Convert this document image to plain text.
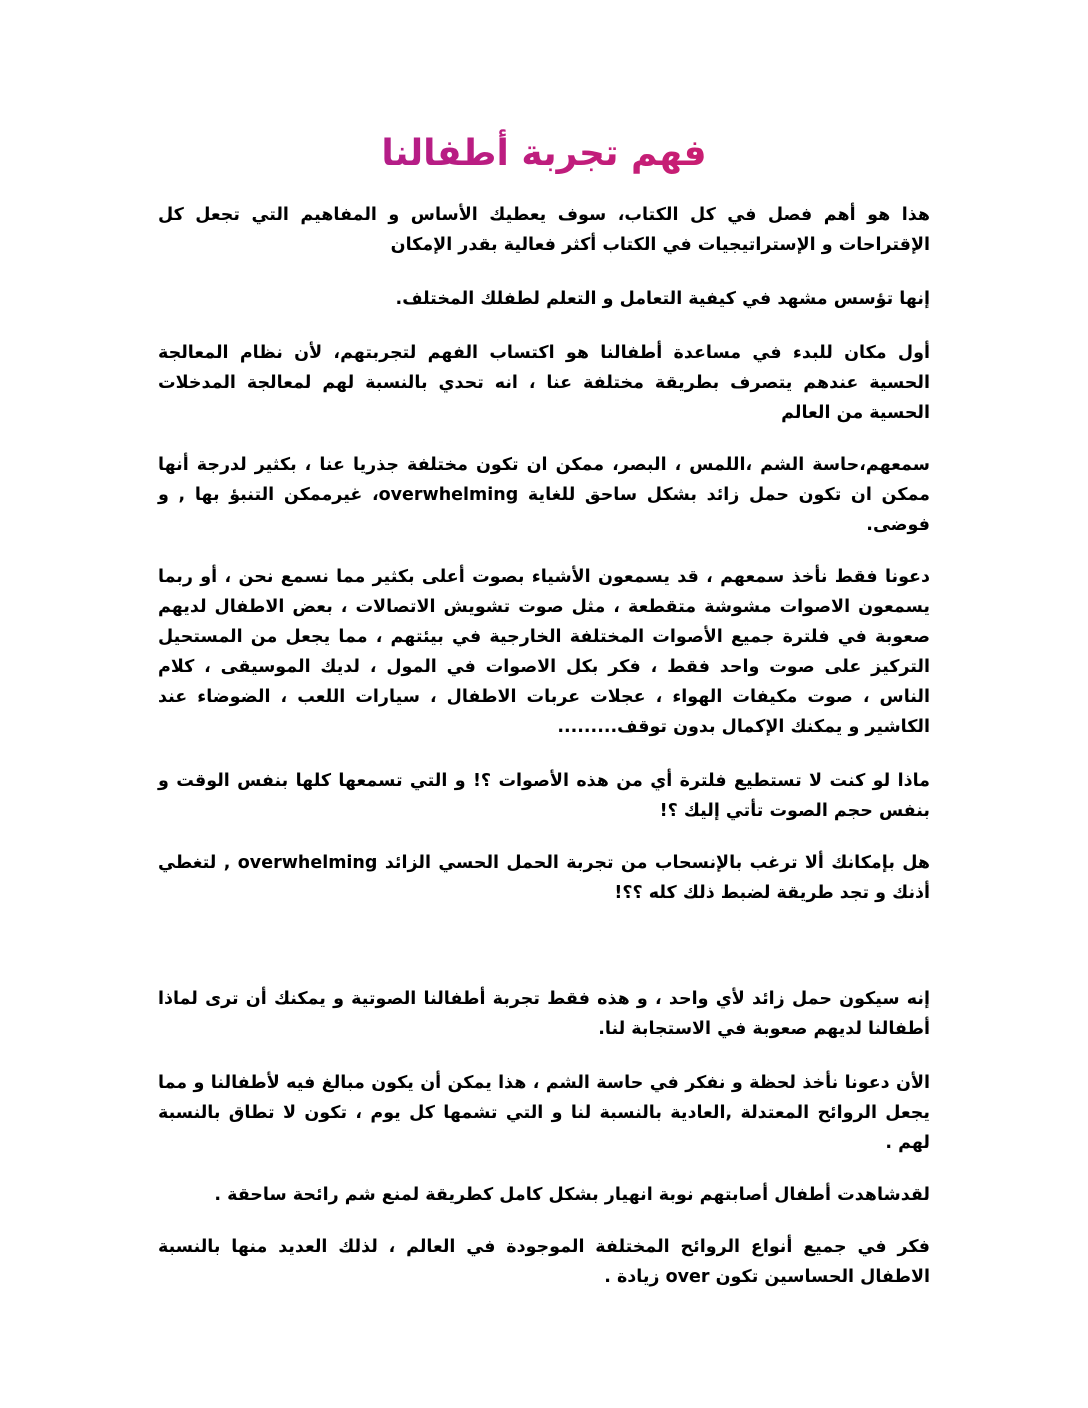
فهم تجربة أطفالنا

هذا هو أهم فصل في كل الكتاب، سوف يعطيك الأساس و المفاهيم التي تجعل كل الإقتراحات و الإستراتيجيات في الكتاب أكثر فعالية بقدر الإمكان

إنها تؤسس مشهد في كيفية التعامل و التعلم لطفلك المختلف.

أول مكان للبدء في مساعدة أطفالنا هو اكتساب الفهم لتجربتهم، لأن نظام المعالجة الحسية عندهم يتصرف بطريقة مختلفة عنا ، انه تحدي بالنسبة لهم لمعالجة المدخلات الحسية من العالم

سمعهم،حاسة الشم ،اللمس ، البصر، ممكن ان تكون مختلفة جذريا عنا ، بكثير لدرجة أنها ممكن ان تكون حمل زائد بشكل ساحق للغاية overwhelming، غيرممكن التنبؤ بها , و فوضى.

دعونا فقط نأخذ سمعهم ، قد يسمعون الأشياء بصوت أعلى بكثير مما نسمع نحن ، أو ربما يسمعون الاصوات مشوشة متقطعة ، مثل صوت تشويش الاتصالات ، بعض الاطفال لديهم صعوبة في فلترة جميع الأصوات المختلفة الخارجية في بيئتهم ، مما يجعل من المستحيل التركيز على صوت واحد فقط ، فكر بكل الاصوات في المول ، لديك الموسيقى ، كلام الناس ، صوت مكيفات الهواء ، عجلات عربات الاطفال ، سيارات اللعب ، الضوضاء عند الكاشير و يمكنك الإكمال بدون توقف.........

ماذا لو كنت لا تستطيع فلترة أي من هذه الأصوات ؟! و التي تسمعها كلها بنفس الوقت و بنفس حجم الصوت تأتي إليك ؟!

هل بإمكانك ألا ترغب بالإنسحاب من تجربة الحمل الحسي الزائد overwhelming , لتغطي أذنك و تجد طريقة لضبط ذلك كله ؟؟!

إنه سيكون حمل زائد لأي واحد ، و هذه فقط تجربة أطفالنا الصوتية و يمكنك أن ترى لماذا أطفالنا لديهم صعوبة في الاستجابة لنا.

الأن دعونا نأخذ لحظة و نفكر في حاسة الشم ، هذا يمكن أن يكون مبالغ فيه لأطفالنا و مما يجعل الروائح المعتدلة ,العادية بالنسبة لنا و التي تشمها كل يوم ، تكون لا تطاق بالنسبة لهم .

لقدشاهدت أطفال أصابتهم نوبة انهيار بشكل كامل كطريقة لمنع شم رائحة ساحقة .

فكر في جميع أنواع الروائح المختلفة الموجودة في العالم ، لذلك العديد منها بالنسبة الاطفال الحساسين تكون over زيادة .
